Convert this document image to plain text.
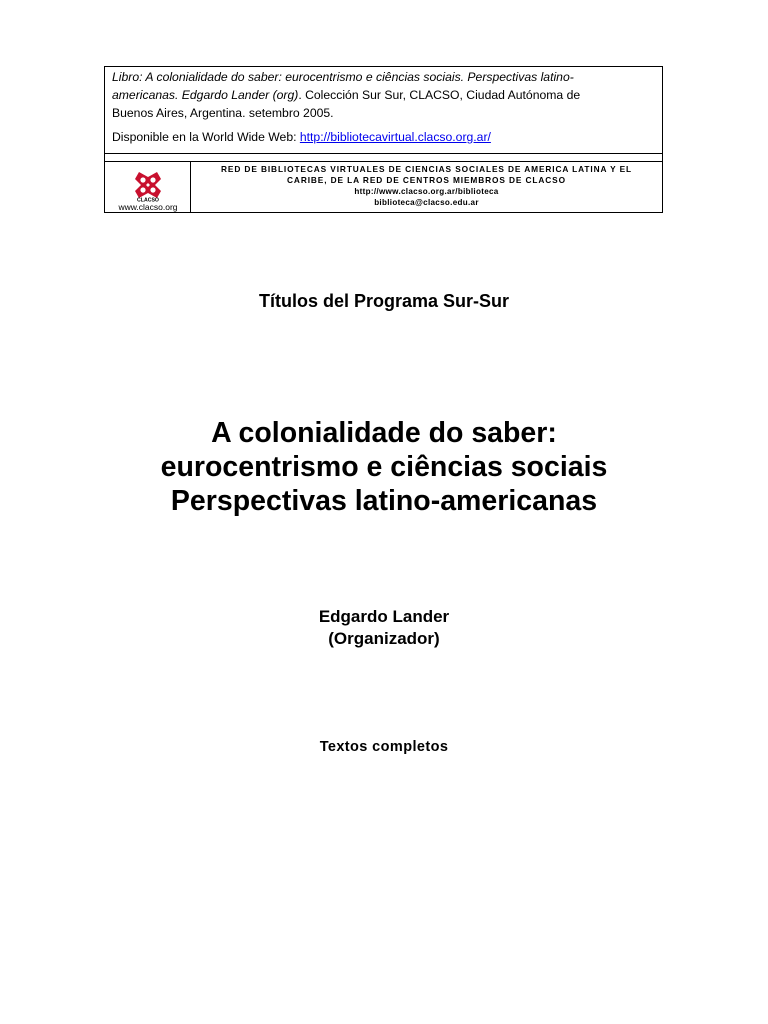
Libro: A colonialidade do saber: eurocentrismo e ciências sociais. Perspectivas latino-

americanas. Edgardo Lander (org). Colección Sur Sur, CLACSO, Ciudad Autónoma de

Buenos Aires, Argentina. setembro 2005.

Disponible en la World Wide Web: http://bibliotecavirtual.clacso.org.ar/

CLACSO
www.clacso.org
RED DE BIBLIOTECAS VIRTUALES DE CIENCIAS SOCIALES DE AMERICA LATINA Y EL
CARIBE, DE LA RED DE CENTROS MIEMBROS DE CLACSO
http://www.clacso.org.ar/biblioteca
biblioteca@clacso.edu.ar
Títulos del Programa Sur-Sur
A colonialidade do saber:
eurocentrismo e ciências sociais
Perspectivas latino-americanas
Edgardo Lander
(Organizador)
Textos completos
